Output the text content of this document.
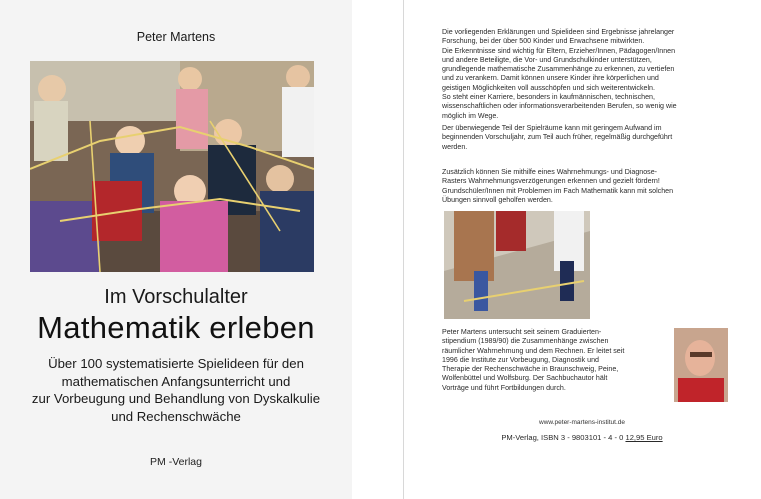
Peter Martens
Im Vorschulalter
Mathematik erleben
Über 100 systematisierte Spielideen für den
mathematischen Anfangsunterricht und
zur Vorbeugung und Behandlung von Dyskalkulie
und Rechenschwäche
PM -Verlag
Die vorliegenden Erklärungen und Spielideen sind Ergebnisse jahrelanger
Forschung, bei der über 500 Kinder und Erwachsene mitwirkten.
Die Erkenntnisse sind wichtig für Eltern, Erzieher/Innen, Pädagogen/Innen
und andere Beteiligte, die Vor- und Grundschulkinder unterstützen,
grundlegende mathematische Zusammenhänge zu erkennen, zu vertiefen
und zu verankern. Damit können unsere Kinder ihre körperlichen und
geistigen Möglichkeiten voll ausschöpfen und sich weiterentwickeln.
So steht einer Karriere, besonders in kaufmännischen, technischen,
wissenschaftlichen oder informationsverarbeitenden Berufen, so wenig wie
möglich im Wege.
Der überwiegende Teil der Spielräume kann mit geringem Aufwand im
beginnenden Vorschuljahr, zum Teil auch früher, regelmäßig durchgeführt
werden.
Zusätzlich können Sie mithilfe eines Wahrnehmungs- und Diagnose-
Rasters Wahrnehmungsverzögerungen erkennen und gezielt fördern!
Grundschüler/Innen mit Problemen im Fach Mathematik kann mit solchen
Übungen sinnvoll geholfen werden.
Peter Martens untersucht seit seinem Graduierten-
stipendium (1989/90) die Zusammenhänge zwischen
räumlicher Wahrnehmung und dem Rechnen. Er leitet seit
1996 die Institute zur Vorbeugung, Diagnostik und
Therapie der Rechenschwäche in Braunschweig, Peine,
Wolfenbüttel und Wolfsburg. Der Sachbuchautor hält
Vorträge und führt Fortbildungen durch.
www.peter-martens-institut.de
PM-Verlag, ISBN 3 - 9803101 - 4 - 0 12,95 Euro
